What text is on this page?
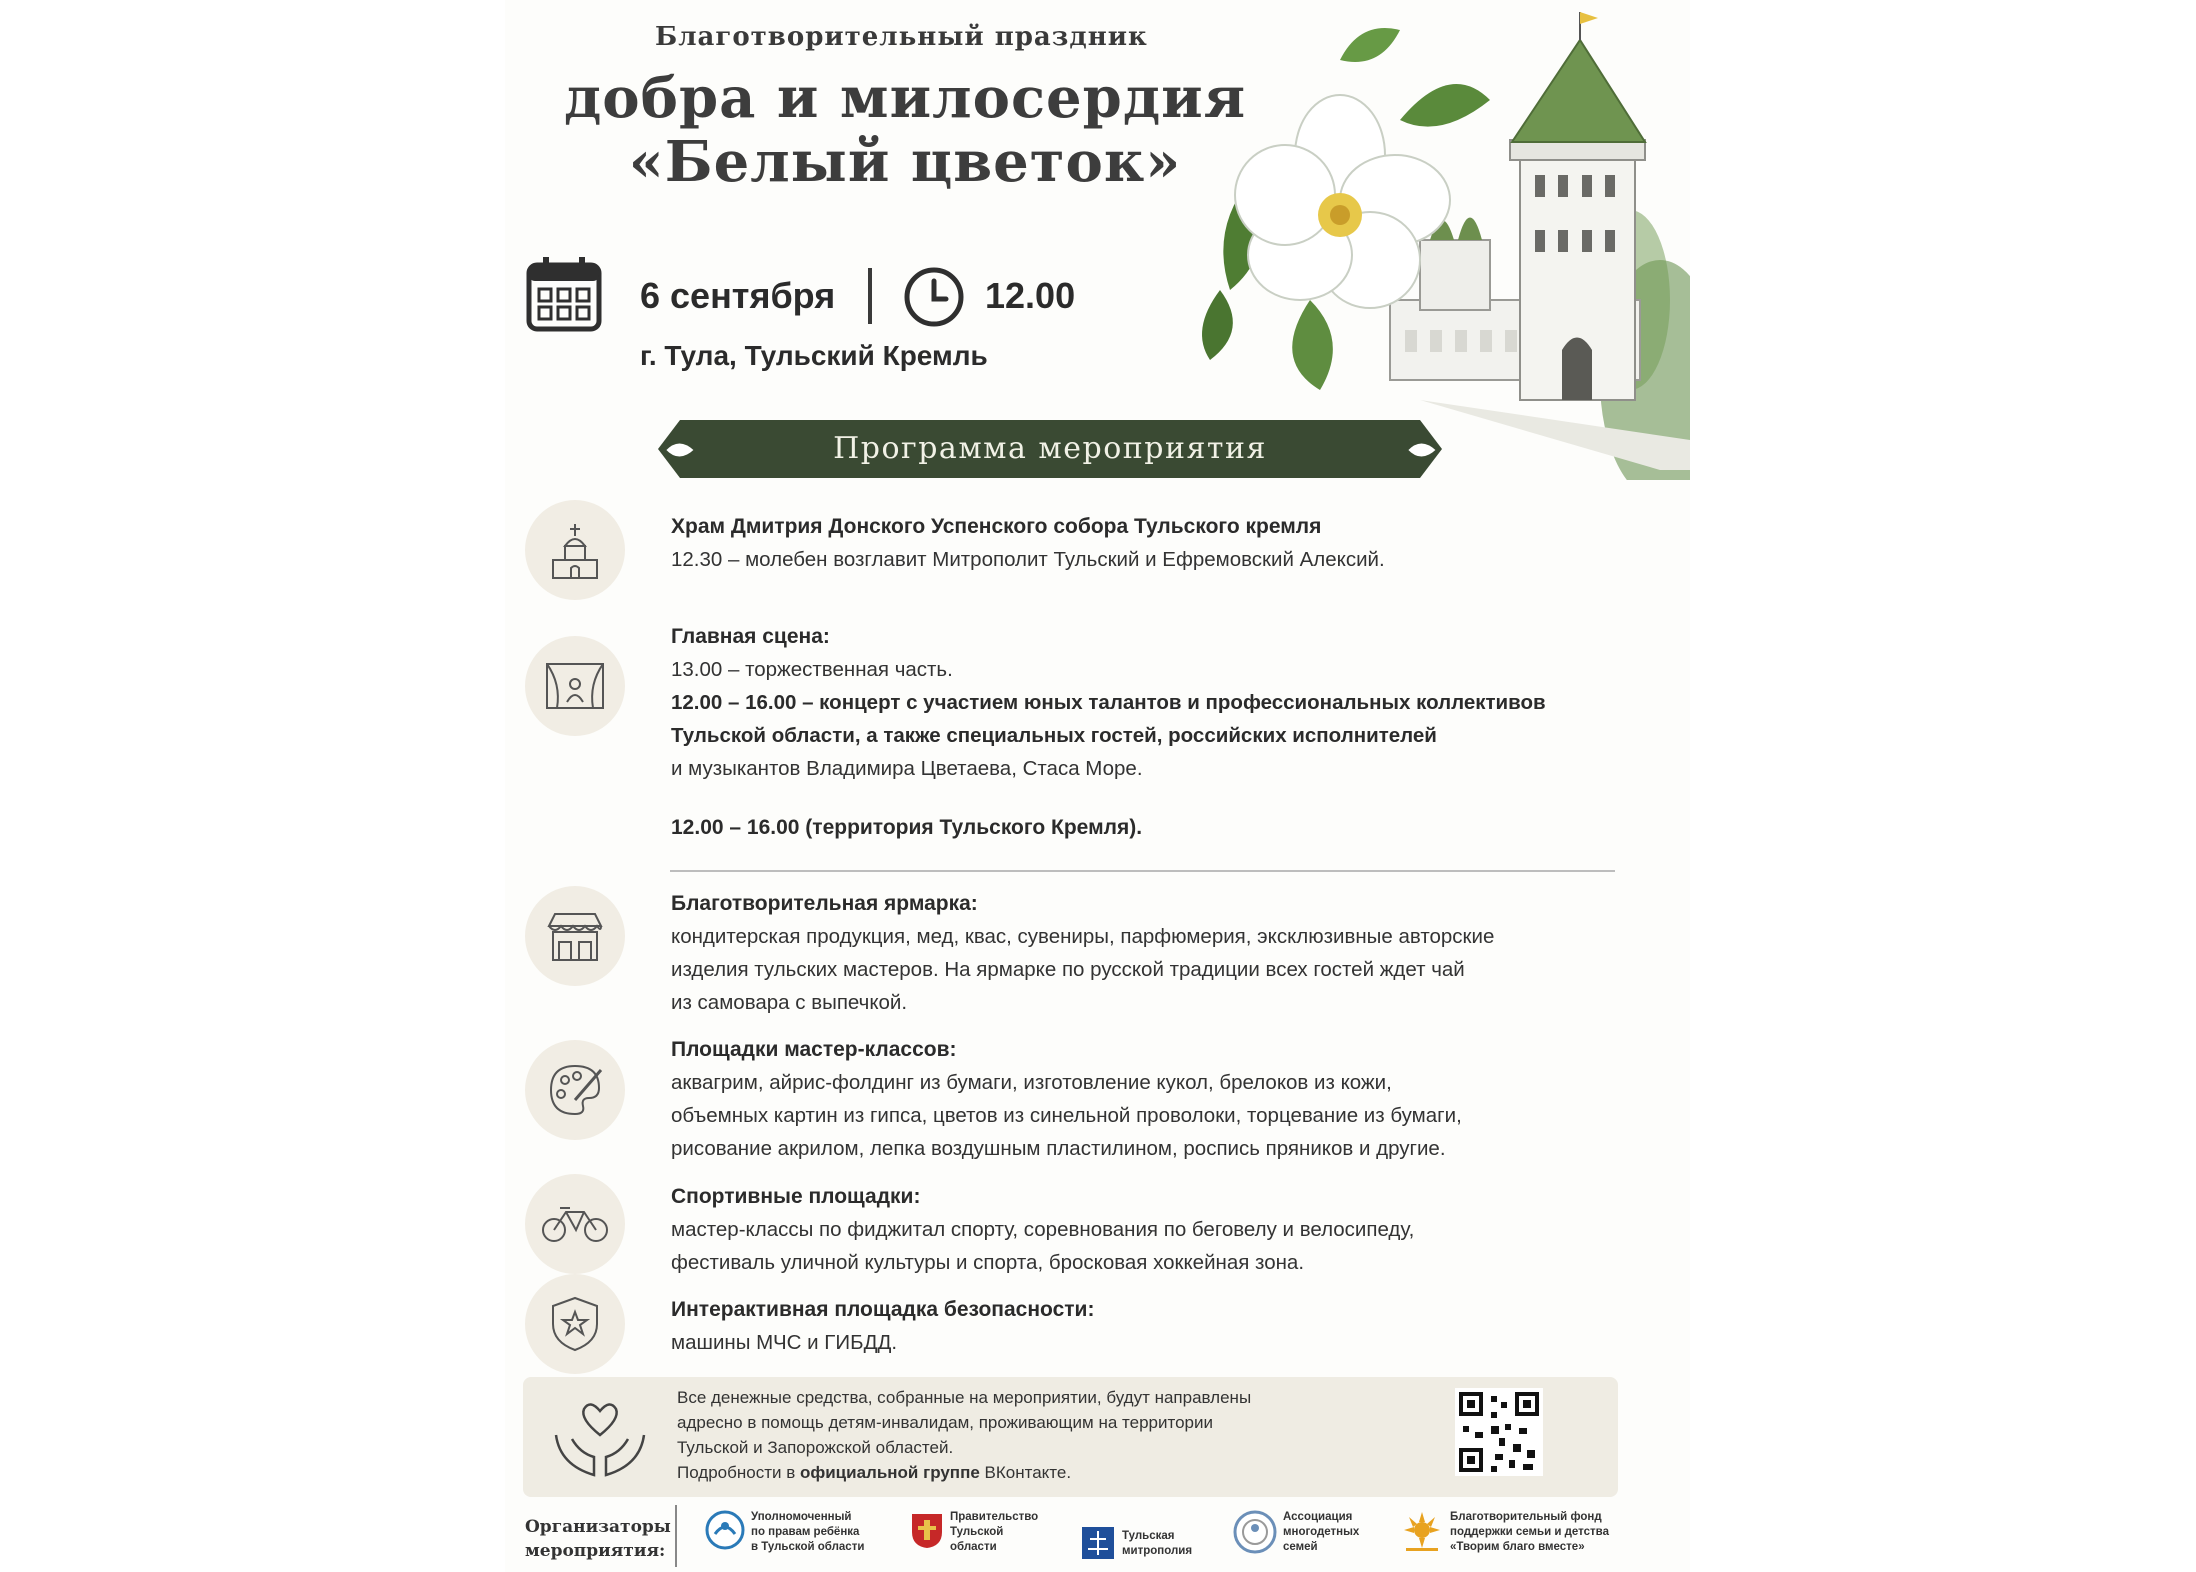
Благотворительный праздник
добра и милосердия
«Белый цветок»
6 сентября	12.00
г. Тула, Тульский Кремль
Программа мероприятия
Храм Дмитрия Донского Успенского собора Тульского кремля
12.30 – молебен возглавит Митрополит Тульский и Ефремовский Алексий.
Главная сцена:
13.00 – торжественная часть.
12.00 – 16.00 – концерт с участием юных талантов и профессиональных коллективов
Тульской области, а также специальных гостей, российских исполнителей
и музыкантов Владимира Цветаева, Стаса Море.
12.00 – 16.00 (территория Тульского Кремля).
Благотворительная ярмарка:
кондитерская продукция, мед, квас, сувениры, парфюмерия, эксклюзивные авторские
изделия тульских мастеров. На ярмарке по русской традиции всех гостей ждет чай
из самовара с выпечкой.
Площадки мастер-классов:
аквагрим, айрис-фолдинг из бумаги, изготовление кукол, брелоков из кожи,
объемных картин из гипса, цветов из синельной проволоки, торцевание из бумаги,
рисование акрилом, лепка воздушным пластилином, роспись пряников и другие.
Спортивные площадки:
мастер-классы по фиджитал спорту, соревнования по беговелу и велосипеду,
фестиваль уличной культуры и спорта, бросковая хоккейная зона.
Интерактивная площадка безопасности:
машины МЧС и ГИБДД.
Все денежные средства, собранные на мероприятии, будут направлены
адресно в помощь детям-инвалидам, проживающим на территории
Тульской и Запорожской областей.
Подробности в официальной группе ВКонтакте.
Организаторы
мероприятия:
Уполномоченный
по правам ребёнка
в Тульской области
Правительство
Тульской
области
Тульская
митрополия
Ассоциация
многодетных
семей
Благотворительный фонд
поддержки семьи и детства
«Творим благо вместе»
